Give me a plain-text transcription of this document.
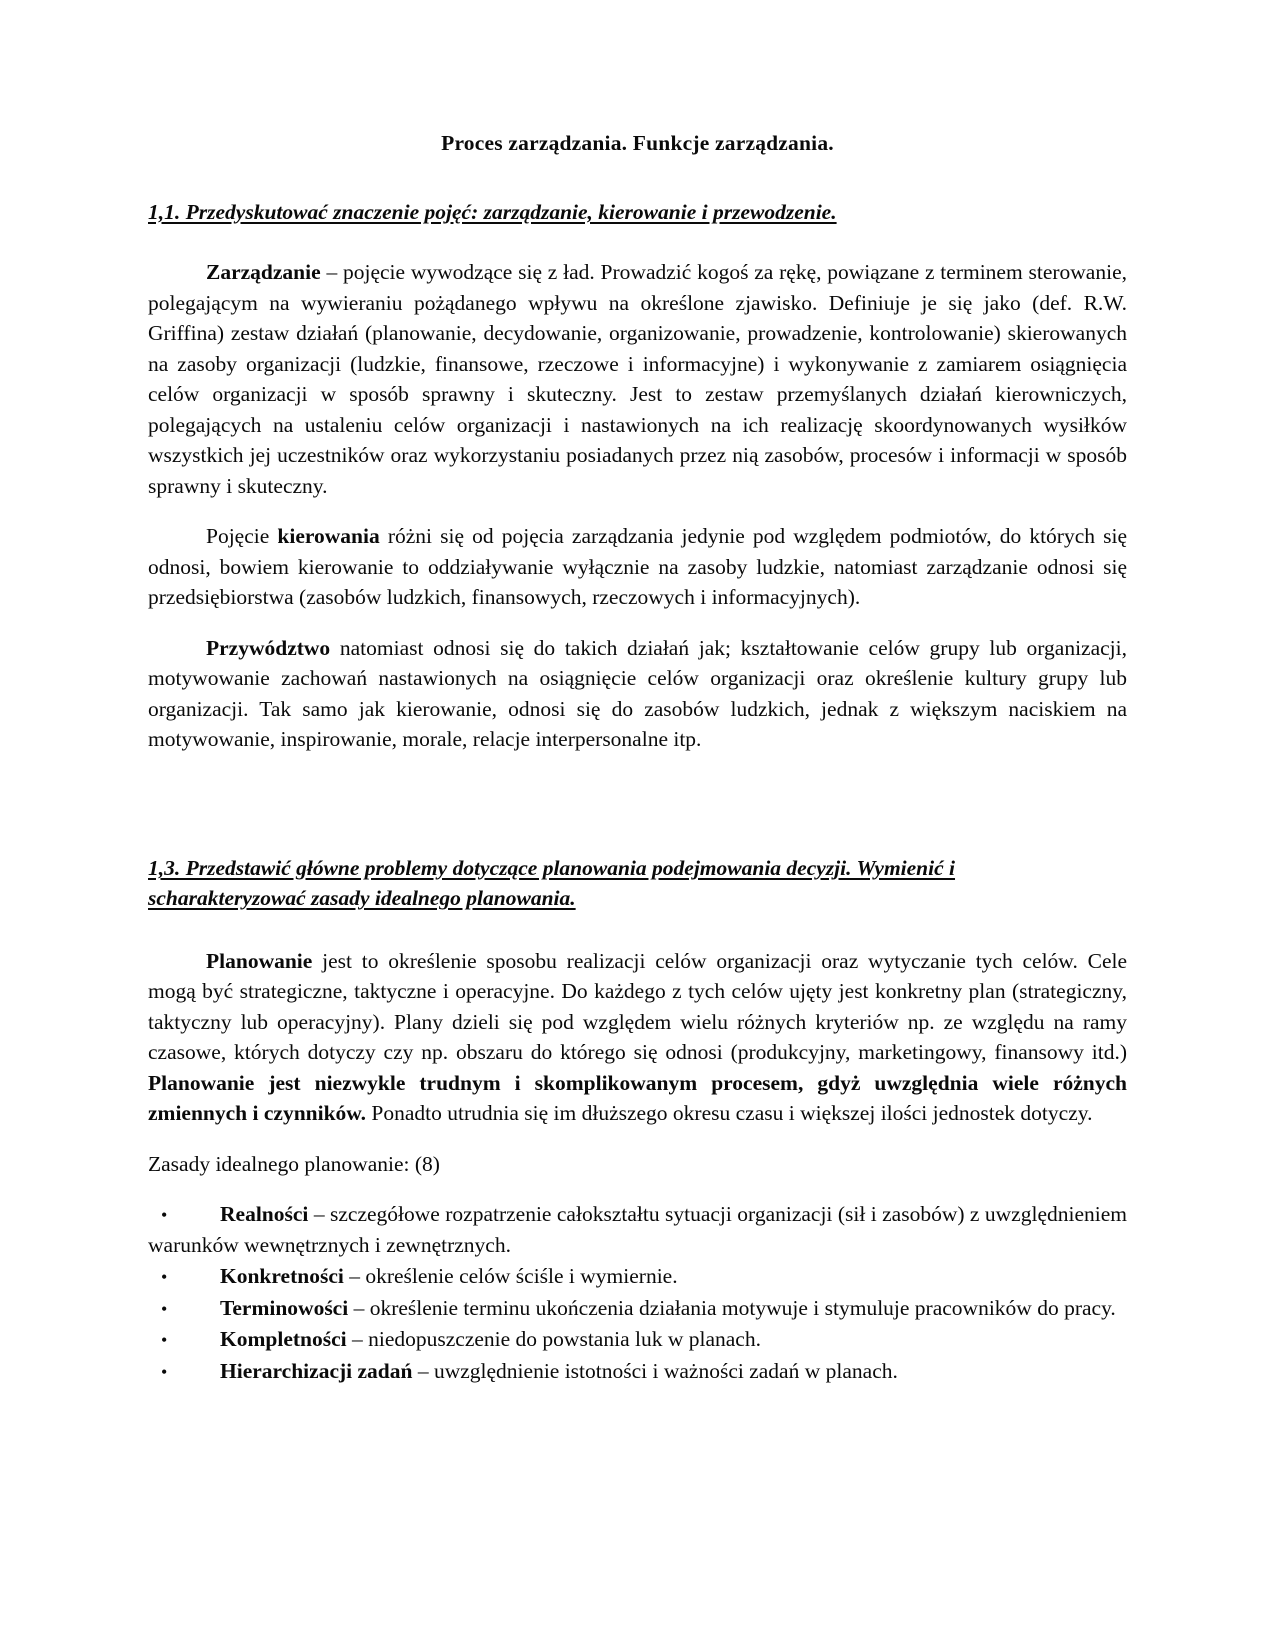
Proces zarządzania. Funkcje zarządzania.
1,1. Przedyskutować znaczenie pojęć: zarządzanie, kierowanie i przewodzenie.

Zarządzanie – pojęcie wywodzące się z ład. Prowadzić kogoś za rękę, powiązane z terminem sterowanie, polegającym na wywieraniu pożądanego wpływu na określone zjawisko. Definiuje je się jako (def. R.W. Griffina) zestaw działań (planowanie, decydowanie, organizowanie, prowadzenie, kontrolowanie) skierowanych na zasoby organizacji (ludzkie, finansowe, rzeczowe i informacyjne) i wykonywanie z zamiarem osiągnięcia celów organizacji w sposób sprawny i skuteczny. Jest to zestaw przemyślanych działań kierowniczych, polegających na ustaleniu celów organizacji i nastawionych na ich realizację skoordynowanych wysiłków wszystkich jej uczestników oraz wykorzystaniu posiadanych przez nią zasobów, procesów i informacji w sposób sprawny i skuteczny.

Pojęcie kierowania różni się od pojęcia zarządzania jedynie pod względem podmiotów, do których się odnosi, bowiem kierowanie to oddziaływanie wyłącznie na zasoby ludzkie, natomiast zarządzanie odnosi się przedsiębiorstwa (zasobów ludzkich, finansowych, rzeczowych i informacyjnych).

Przywództwo natomiast odnosi się do takich działań jak; kształtowanie celów grupy lub organizacji, motywowanie zachowań nastawionych na osiągnięcie celów organizacji oraz określenie kultury grupy lub organizacji. Tak samo jak kierowanie, odnosi się do zasobów ludzkich, jednak z większym naciskiem na motywowanie, inspirowanie, morale, relacje interpersonalne itp.

1,3. Przedstawić główne problemy dotyczące planowania podejmowania decyzji. Wymienić i
scharakteryzować zasady idealnego planowania.

Planowanie jest to określenie sposobu realizacji celów organizacji oraz wytyczanie tych celów. Cele mogą być strategiczne, taktyczne i operacyjne. Do każdego z tych celów ujęty jest konkretny plan (strategiczny, taktyczny lub operacyjny). Plany dzieli się pod względem wielu różnych kryteriów np. ze względu na ramy czasowe, których dotyczy czy np. obszaru do którego się odnosi (produkcyjny, marketingowy, finansowy itd.) Planowanie jest niezwykle trudnym i skomplikowanym procesem, gdyż uwzględnia wiele różnych zmiennych i czynników. Ponadto utrudnia się im dłuższego okresu czasu i większej ilości jednostek dotyczy.

Zasady idealnego planowanie: (8)

• Realności – szczegółowe rozpatrzenie całokształtu sytuacji organizacji (sił i zasobów) z uwzględnieniem warunków wewnętrznych i zewnętrznych.
• Konkretności – określenie celów ściśle i wymiernie.
• Terminowości – określenie terminu ukończenia działania motywuje i stymuluje pracowników do pracy.
• Kompletności – niedopuszczenie do powstania luk w planach.
• Hierarchizacji zadań – uwzględnienie istotności i ważności zadań w planach.
